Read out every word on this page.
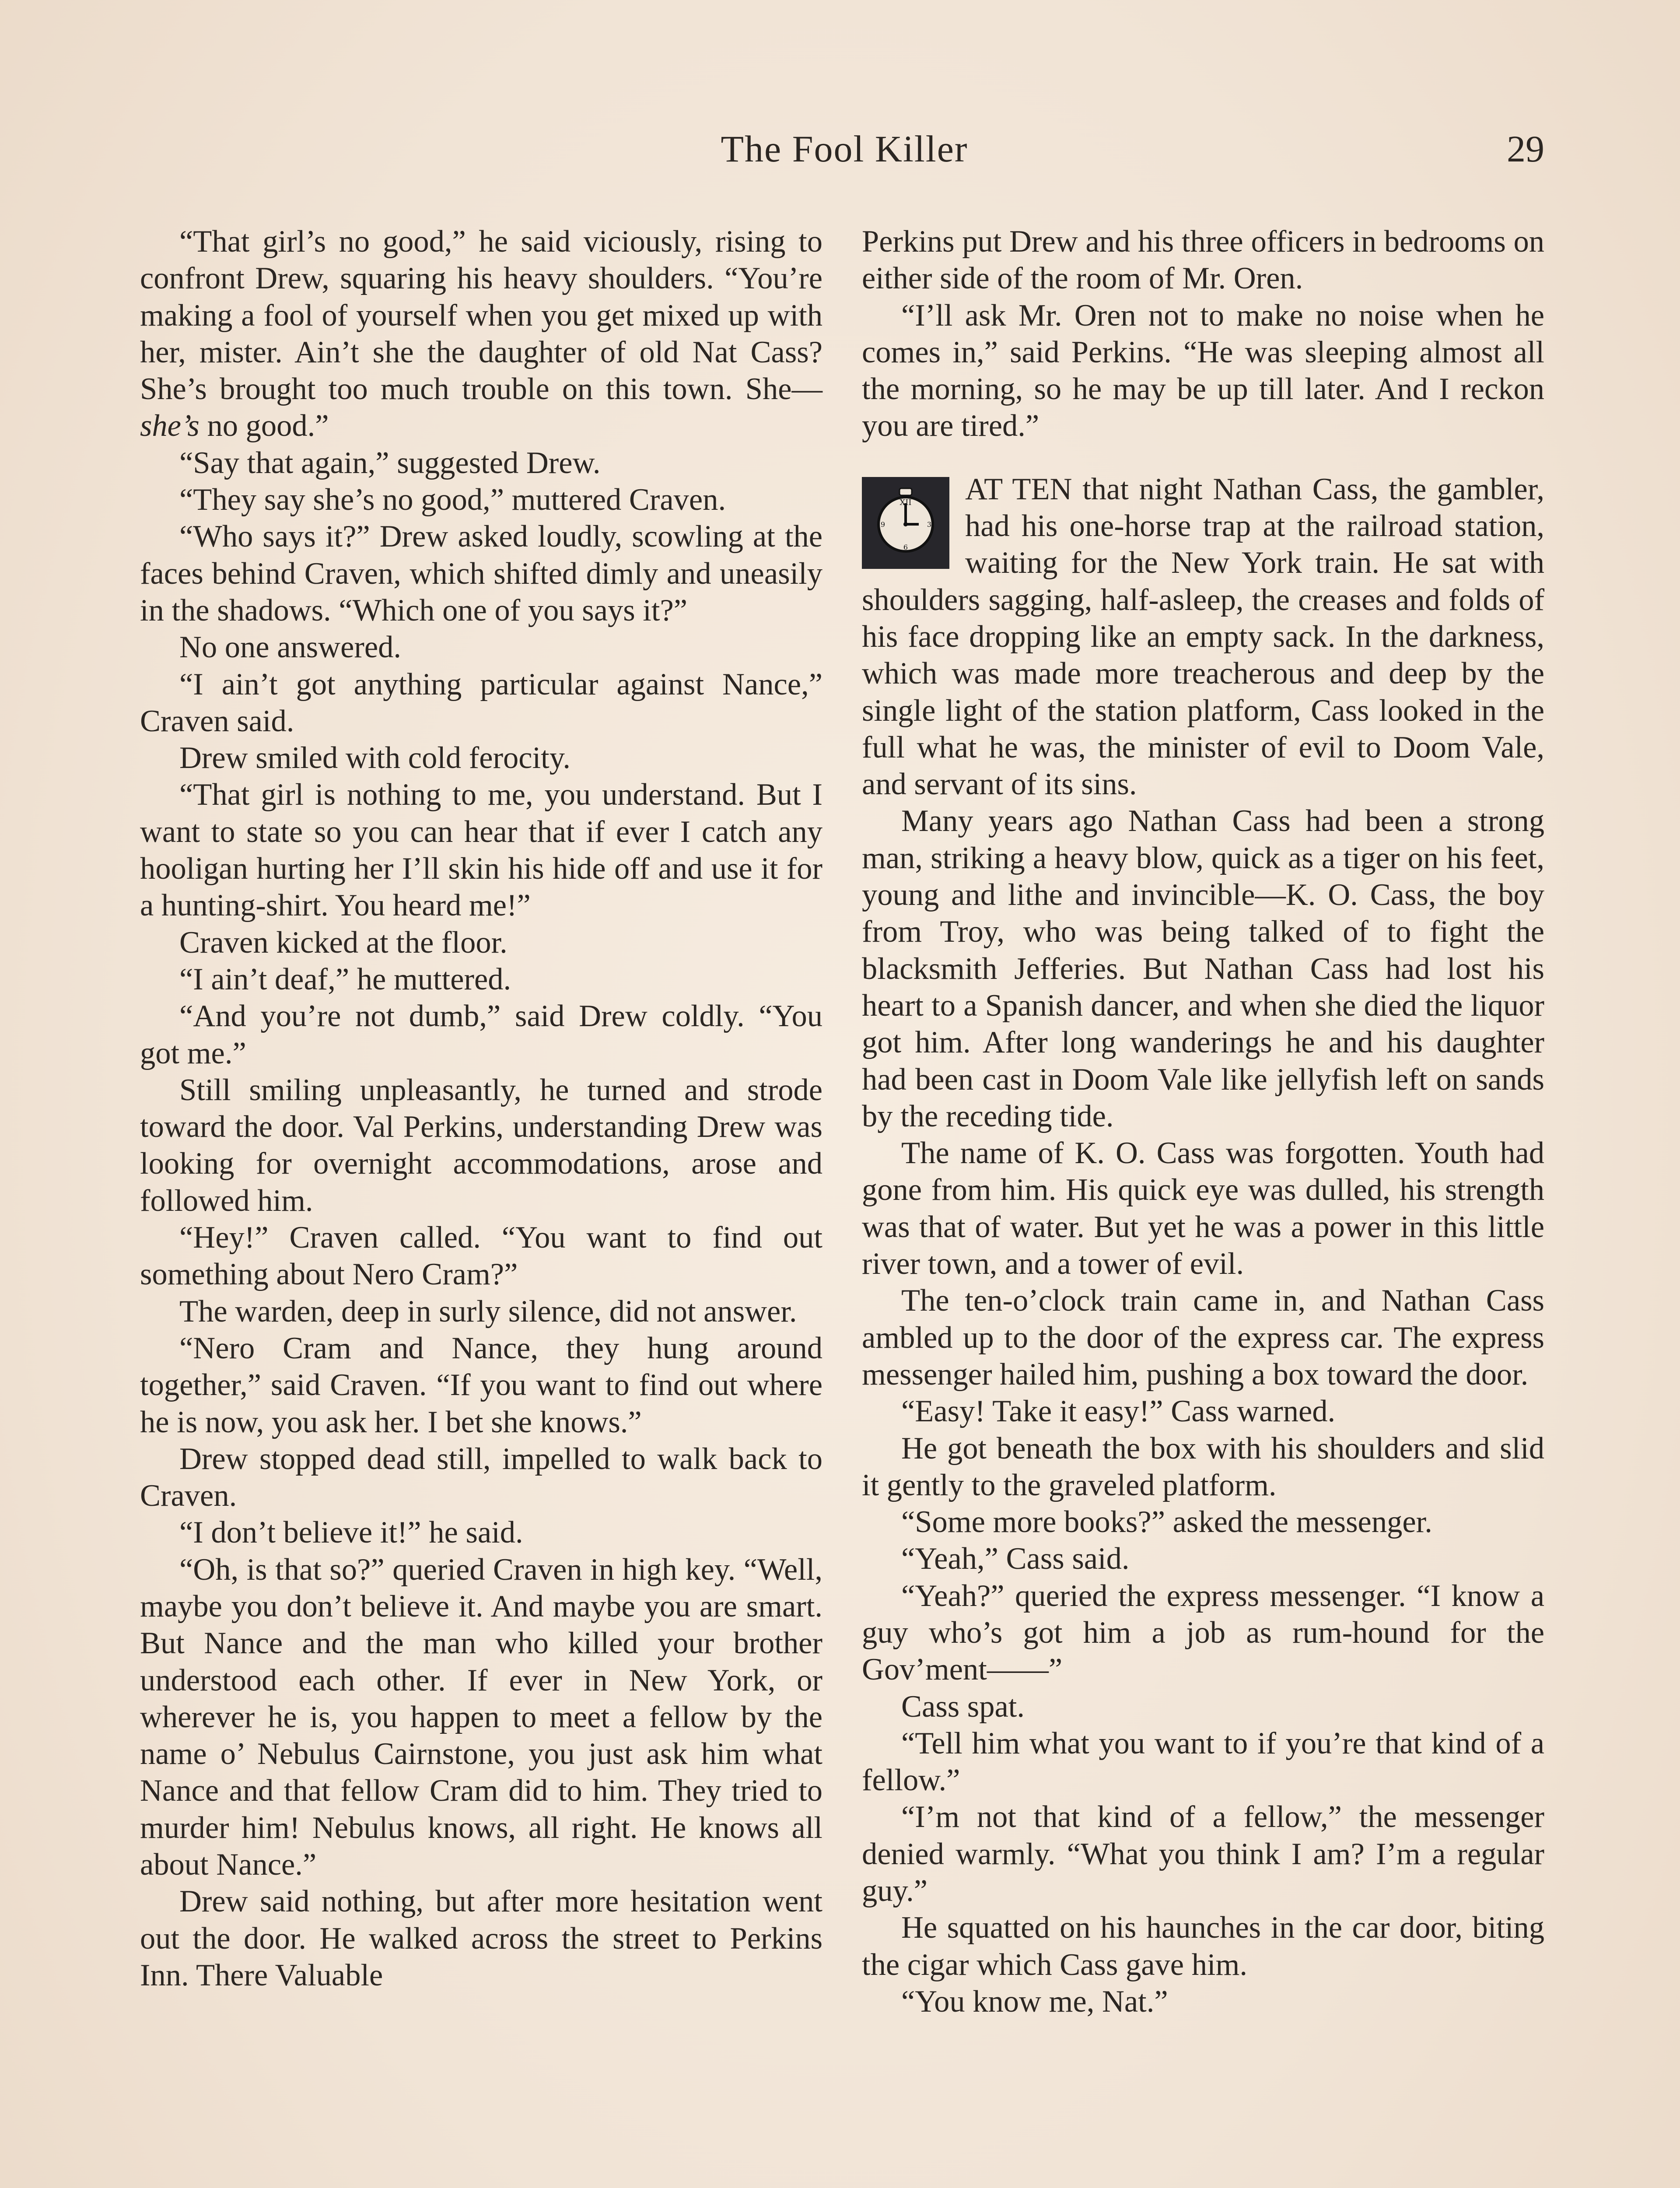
The Fool Killer	29

“That girl’s no good,” he said viciously, rising to confront Drew, squaring his heavy shoulders. “You’re making a fool of yourself when you get mixed up with her, mister. Ain’t she the daughter of old Nat Cass? She’s brought too much trouble on this town. She—she’s no good.”

“Say that again,” suggested Drew.

“They say she’s no good,” muttered Craven.

“Who says it?” Drew asked loudly, scowling at the faces behind Craven, which shifted dimly and uneasily in the shadows. “Which one of you says it?”

No one answered.

“I ain’t got anything particular against Nance,” Craven said.

Drew smiled with cold ferocity.

“That girl is nothing to me, you understand. But I want to state so you can hear that if ever I catch any hooligan hurting her I’ll skin his hide off and use it for a hunting-shirt. You heard me!”

Craven kicked at the floor.

“I ain’t deaf,” he muttered.

“And you’re not dumb,” said Drew coldly. “You got me.”

Still smiling unpleasantly, he turned and strode toward the door. Val Perkins, understanding Drew was looking for overnight accommodations, arose and followed him.

“Hey!” Craven called. “You want to find out something about Nero Cram?”

The warden, deep in surly silence, did not answer.

“Nero Cram and Nance, they hung around together,” said Craven. “If you want to find out where he is now, you ask her. I bet she knows.”

Drew stopped dead still, impelled to walk back to Craven.

“I don’t believe it!” he said.

“Oh, is that so?” queried Craven in high key. “Well, maybe you don’t believe it. And maybe you are smart. But Nance and the man who killed your brother understood each other. If ever in New York, or wherever he is, you happen to meet a fellow by the name o’ Nebulus Cairnstone, you just ask him what Nance and that fellow Cram did to him. They tried to murder him! Nebulus knows, all right. He knows all about Nance.”

Drew said nothing, but after more hesitation went out the door. He walked across the street to Perkins Inn. There Valuable

Perkins put Drew and his three officers in bedrooms on either side of the room of Mr. Oren.

“I’ll ask Mr. Oren not to make no noise when he comes in,” said Perkins. “He was sleeping almost all the morning, so he may be up till later. And I reckon you are tired.”

XII
3
6
9

AT TEN that night Nathan Cass, the gambler, had his one-horse trap at the railroad station, waiting for the New York train. He sat with shoulders sagging, half-asleep, the creases and folds of his face dropping like an empty sack. In the darkness, which was made more treacherous and deep by the single light of the station platform, Cass looked in the full what he was, the minister of evil to Doom Vale, and servant of its sins.

Many years ago Nathan Cass had been a strong man, striking a heavy blow, quick as a tiger on his feet, young and lithe and invincible—K. O. Cass, the boy from Troy, who was being talked of to fight the blacksmith Jefferies. But Nathan Cass had lost his heart to a Spanish dancer, and when she died the liquor got him. After long wanderings he and his daughter had been cast in Doom Vale like jellyfish left on sands by the receding tide.

The name of K. O. Cass was forgotten. Youth had gone from him. His quick eye was dulled, his strength was that of water. But yet he was a power in this little river town, and a tower of evil.

The ten-o’clock train came in, and Nathan Cass ambled up to the door of the express car. The express messenger hailed him, pushing a box toward the door.

“Easy! Take it easy!” Cass warned.

He got beneath the box with his shoulders and slid it gently to the graveled platform.

“Some more books?” asked the messenger.

“Yeah,” Cass said.

“Yeah?” queried the express messenger. “I know a guy who’s got him a job as rum-hound for the Gov’ment——”

Cass spat.

“Tell him what you want to if you’re that kind of a fellow.”

“I’m not that kind of a fellow,” the messenger denied warmly. “What you think I am? I’m a regular guy.”

He squatted on his haunches in the car door, biting the cigar which Cass gave him.

“You know me, Nat.”
